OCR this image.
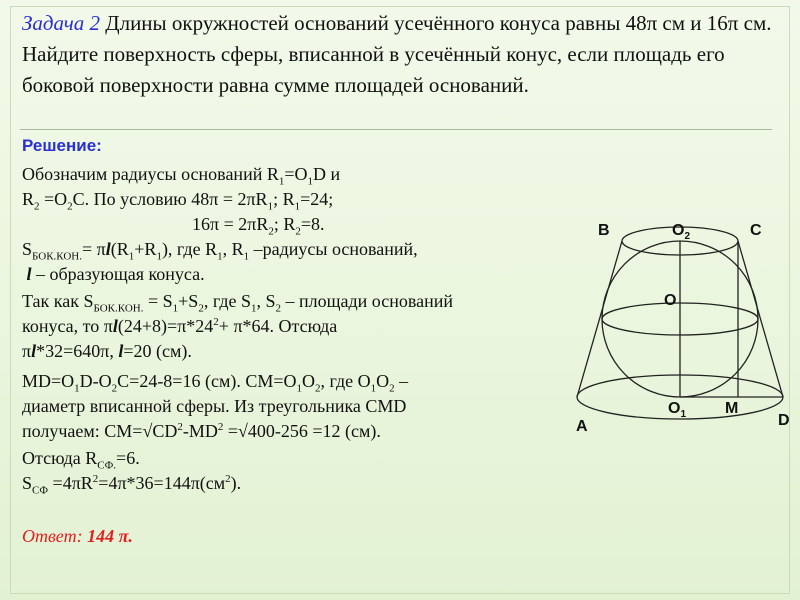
Задача 2 Длины окружностей оснований усечённого конуса равны 48π см и 16π см. Найдите поверхность сферы, вписанной в усечённый конус, если площадь его боковой поверхности равна сумме площадей оснований.
Решение:
Обозначим радиусы оснований $R_1=O_1D$ и
$R_2 =O_2C$. По условию $48\pi = 2\pi R_1$; $R_1=24$;
$16\pi = 2\pi R_2$; $R_2=8$.
$S_{БОК.КОН.}= \pi l(R_1+R_1)$, где $R_1$, $R_1$ –радиусы оснований,
l – образующая конуса.
Так как $S_{БОК.КОН.} = S_1+S_2$, где $S_1$, $S_2$ – площади оснований
конуса, то $\pi l(24+8)=\pi*24^2+ \pi*64$. Отсюда
πl*32=640π, l=20 (см).
$MD=O_1D-O_2C=24-8=16$ (см). $CM=O_1O_2$, где $O_1O_2$ –
диаметр вписанной сферы. Из треугольника CMD
получаем: $CM=√CD^2-MD^2 =√400-256 =12$ (см).
Отсюда $R_{СФ.}=6$.
$S_{СФ} =4\pi R^2=4\pi*36=144\pi(см^2)$.
Ответ: 144 π.
B	$O_2$	C
O
$O_1$ M
D
A
